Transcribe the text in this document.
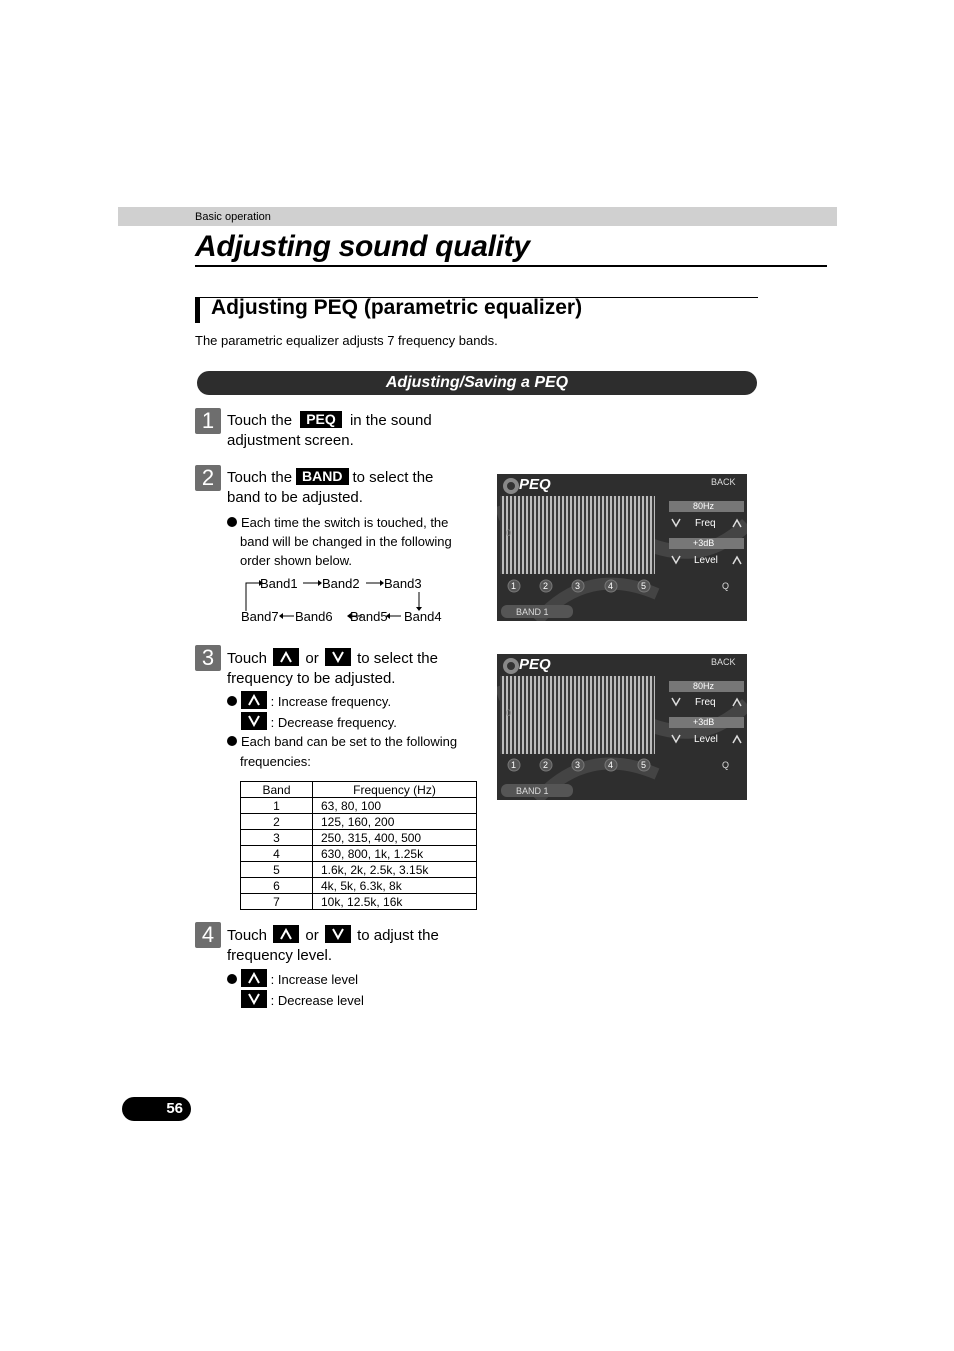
Basic operation
Adjusting sound quality
Adjusting PEQ (parametric equalizer)
The parametric equalizer adjusts 7 frequency bands.
Adjusting/Saving a PEQ
1 Touch the PEQ in the sound
adjustment screen.
2 Touch the BAND to select the
band to be adjusted.
Each time the switch is touched, the
band will be changed in the following
order shown below.
Band1 Band2 Band3
Band4
Band5
Band6
Band7
3 Touch	or	to select the
frequency to be adjusted.
: Increase frequency.

: Decrease frequency.
Each band can be set to the following
frequencies:
Band	Frequency (Hz)
1	63, 80, 100
2	125, 160, 200
3	250, 315, 400, 500
4	630, 800, 1k, 1.25k
5	1.6k, 2k, 2.5k, 3.15k
6	4k, 5k, 6.3k, 8k
7	10k, 12.5k, 16k
4 Touch	or	to adjust the
frequency level.
: Increase level

: Decrease level
PEQ	BACK
80Hz
Freq
+3dB
Level
0
1	2	3	4	5	Q
BAND 1
PEQ	BACK
80Hz
Freq
+3dB
Level
0
1	2	3	4	5	Q
BAND 1
56
